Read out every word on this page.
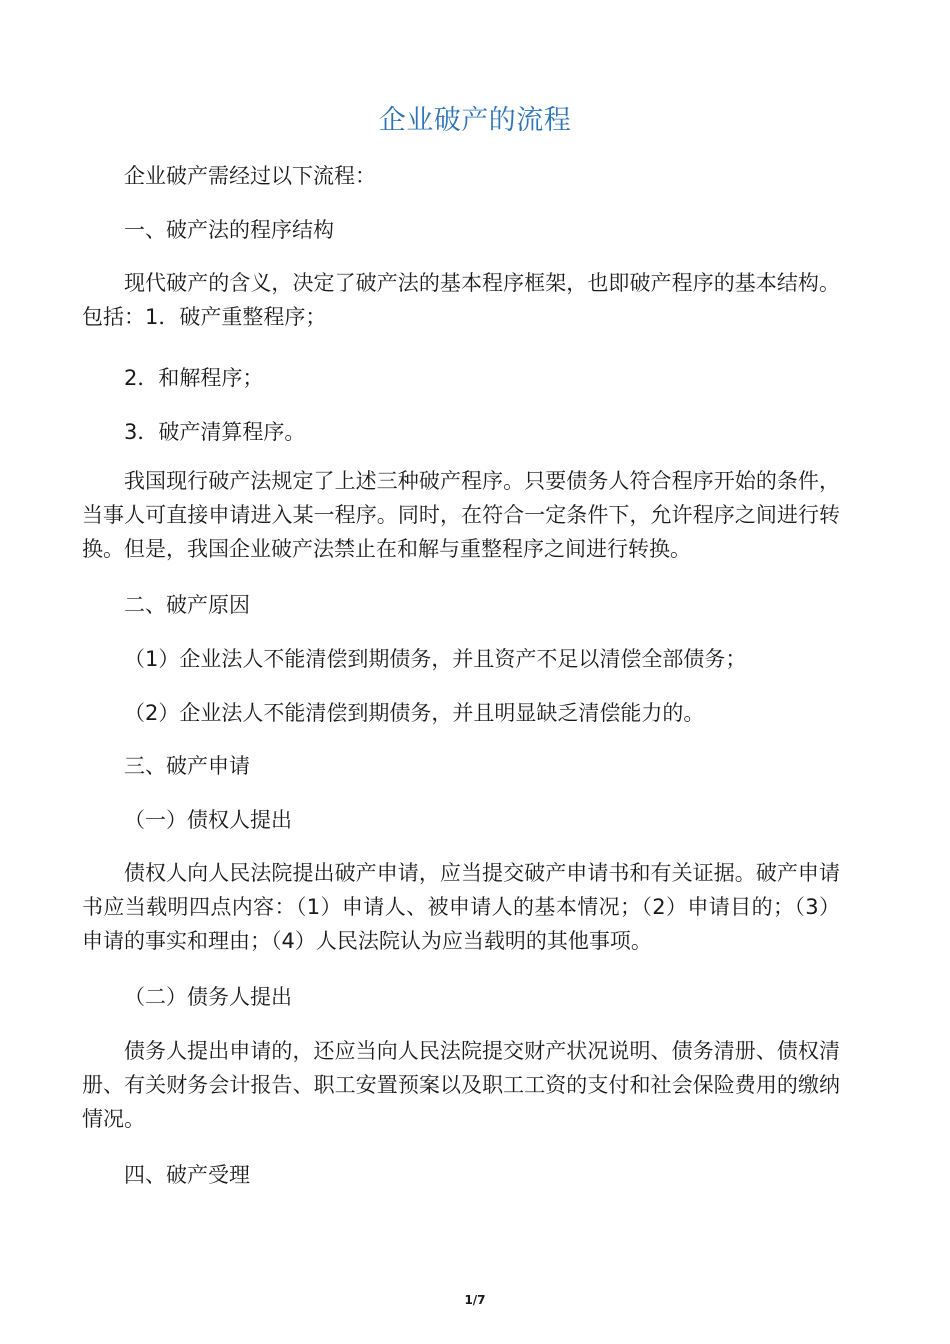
企业破产的流程
企业破产需经过以下流程：
一、破产法的程序结构
现代破产的含义，决定了破产法的基本程序框架，也即破产程序的基本结构。包括：1．破产重整程序；
2．和解程序；
3．破产清算程序。
我国现行破产法规定了上述三种破产程序。只要债务人符合程序开始的条件，当事人可直接申请进入某一程序。同时，在符合一定条件下，允许程序之间进行转换。但是，我国企业破产法禁止在和解与重整程序之间进行转换。
二、破产原因
（1）企业法人不能清偿到期债务，并且资产不足以清偿全部债务；
（2）企业法人不能清偿到期债务，并且明显缺乏清偿能力的。
三、破产申请
（一）债权人提出
债权人向人民法院提出破产申请，应当提交破产申请书和有关证据。破产申请书应当载明四点内容：（1）申请人、被申请人的基本情况；（2）申请目的；（3）申请的事实和理由；（4）人民法院认为应当载明的其他事项。
（二）债务人提出
债务人提出申请的，还应当向人民法院提交财产状况说明、债务清册、债权清册、有关财务会计报告、职工安置预案以及职工工资的支付和社会保险费用的缴纳情况。
四、破产受理
1/7
